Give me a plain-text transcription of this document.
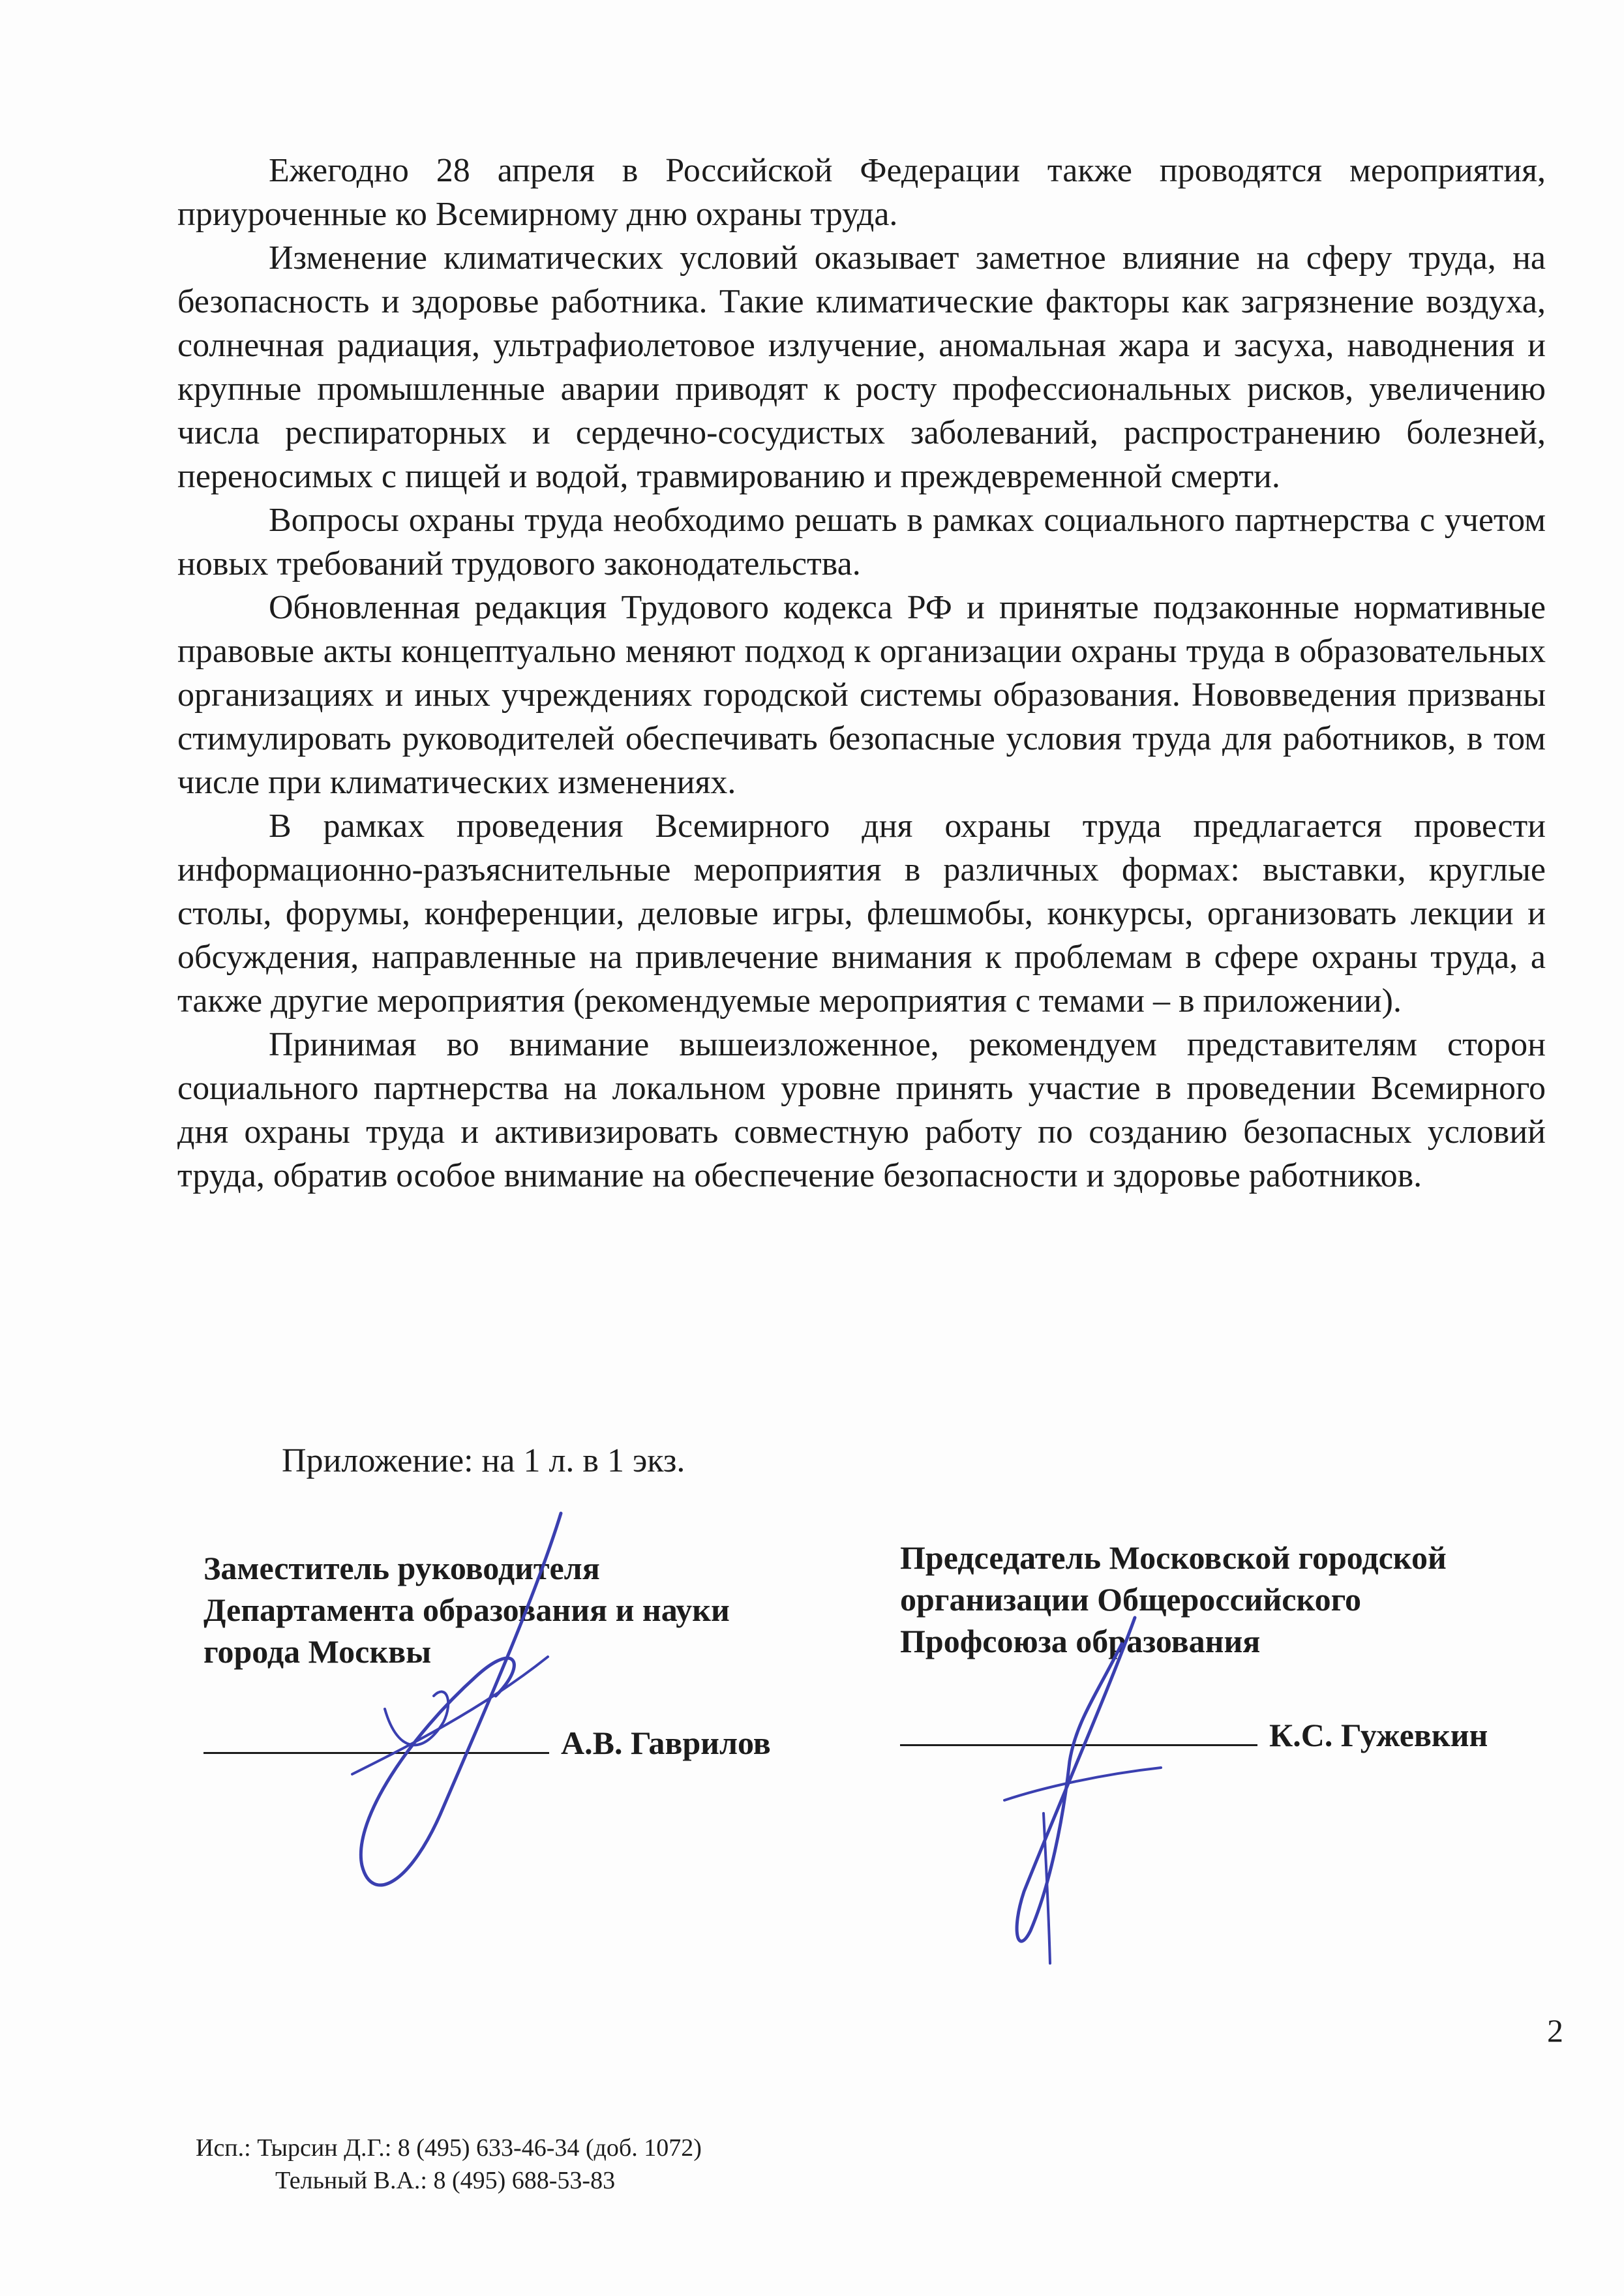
Ежегодно 28 апреля в Российской Федерации также проводятся мероприятия, приуроченные ко Всемирному дню охраны труда.

Изменение климатических условий оказывает заметное влияние на сферу труда, на безопасность и здоровье работника. Такие климатические факторы как загрязнение воздуха, солнечная радиация, ультрафиолетовое излучение, аномальная жара и засуха, наводнения и крупные промышленные аварии приводят к росту профессиональных рисков, увеличению числа респираторных и сердечно-сосудистых заболеваний, распространению болезней, переносимых с пищей и водой, травмированию и преждевременной смерти.

Вопросы охраны труда необходимо решать в рамках социального партнерства с учетом новых требований трудового законодательства.

Обновленная редакция Трудового кодекса РФ и принятые подзаконные нормативные правовые акты концептуально меняют подход к организации охраны труда в образовательных организациях и иных учреждениях городской системы образования. Нововведения призваны стимулировать руководителей обеспечивать безопасные условия труда для работников, в том числе при климатических изменениях.

В рамках проведения Всемирного дня охраны труда предлагается провести информационно-разъяснительные мероприятия в различных формах: выставки, круглые столы, форумы, конференции, деловые игры, флешмобы, конкурсы, организовать лекции и обсуждения, направленные на привлечение внимания к проблемам в сфере охраны труда, а также другие мероприятия (рекомендуемые мероприятия с темами – в приложении).

Принимая во внимание вышеизложенное, рекомендуем представителям сторон социального партнерства на локальном уровне принять участие в проведении Всемирного дня охраны труда и активизировать совместную работу по созданию безопасных условий труда, обратив особое внимание на обеспечение безопасности и здоровье работников.

Приложение: на 1 л. в 1 экз.
Заместитель руководителя
Департамента образования и науки
города Москвы
А.В. Гаврилов
Председатель Московской городской
организации Общероссийского
Профсоюза образования
К.С. Гужевкин
2
Исп.: Тырсин Д.Г.: 8 (495) 633-46-34 (доб. 1072)
Тельный В.А.: 8 (495) 688-53-83
